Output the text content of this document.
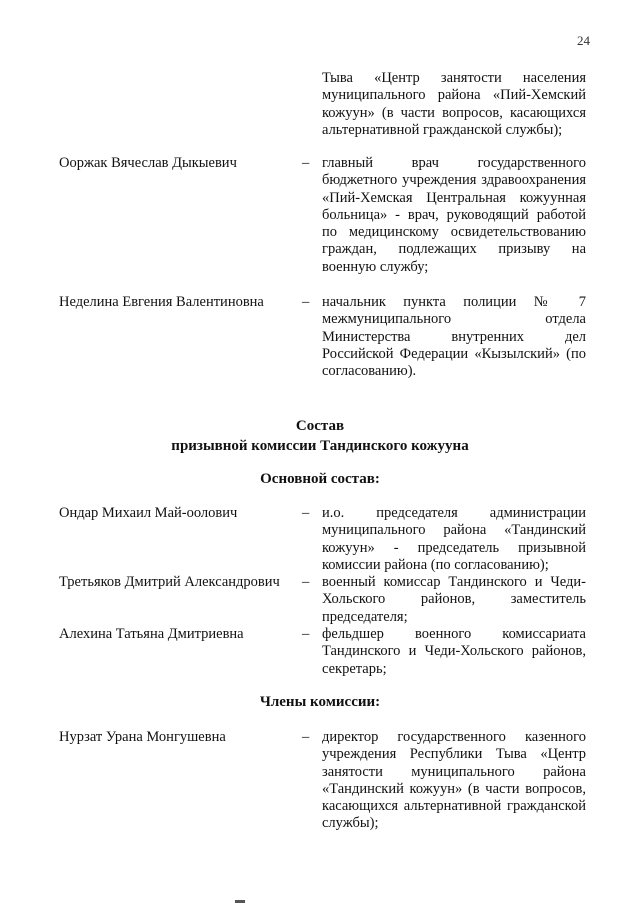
24
Тыва «Центр занятости населения муниципального района «Пий-Хемский кожуун» (в части вопросов, касающихся альтернативной гражданской службы);
Ооржак Вячеслав Дыкыевич	– главный врач государственного бюджетного учреждения здравоохранения «Пий-Хемская Центральная кожуунная больница» - врач, руководящий работой по медицинскому освидетельствованию граждан, подлежащих призыву на военную службу;
Неделина Евгения Валентиновна	– начальник пункта полиции № 7 межмуниципального отдела Министерства внутренних дел Российской Федерации «Кызылский» (по согласованию).
Состав
призывной комиссии Тандинского кожууна
Основной состав:
Ондар Михаил Май-оолович	– и.о. председателя администрации муниципального района «Тандинский кожуун» - председатель призывной комиссии района (по согласованию);
Третьяков Дмитрий Александрович – военный комиссар Тандинского и Чеди-Хольского районов, заместитель председателя;
Алехина Татьяна Дмитриевна	– фельдшер военного комиссариата Тандинского и Чеди-Хольского районов, секретарь;
Члены комиссии:
Нурзат Урана Монгушевна	– директор государственного казенного учреждения Республики Тыва «Центр занятости муниципального района «Тандинский кожуун» (в части вопросов, касающихся альтернативной гражданской службы);
